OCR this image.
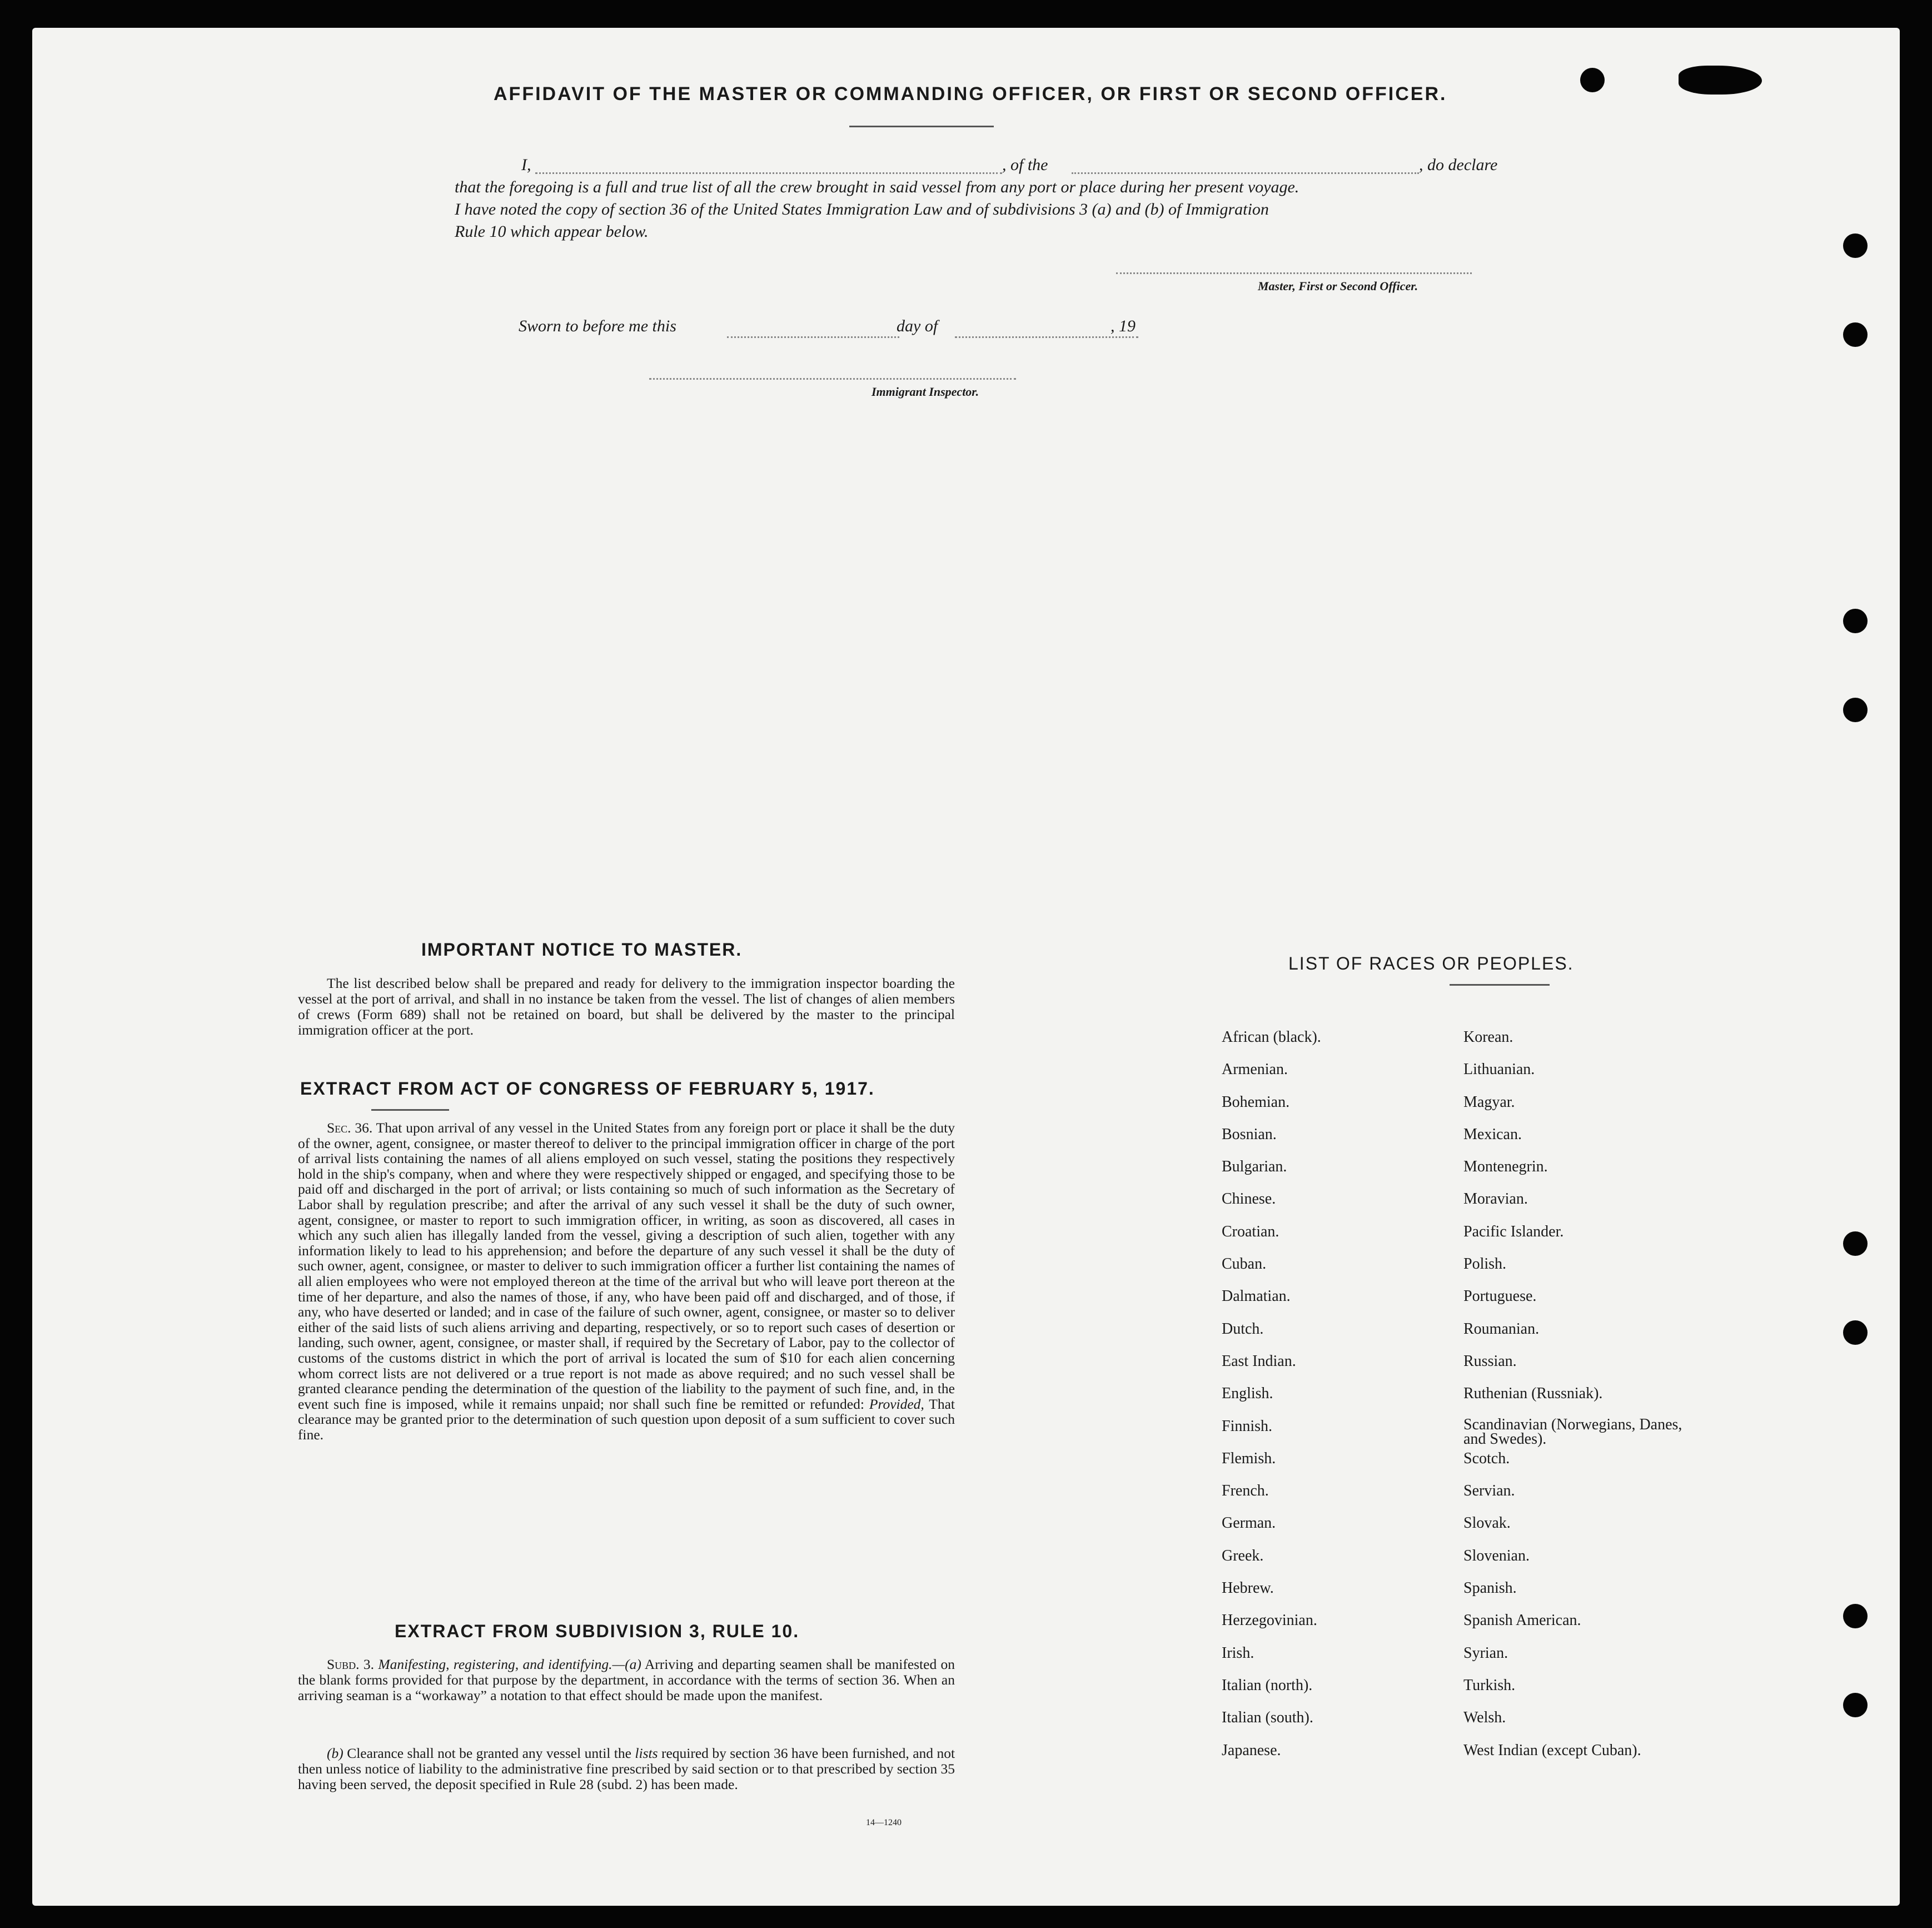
AFFIDAVIT OF THE MASTER OR COMMANDING OFFICER, OR FIRST OR SECOND OFFICER.
I,	, of the	, do declare
that the foregoing is a full and true list of all the crew brought in said vessel from any port or place during her present voyage.
I have noted the copy of section 36 of the United States Immigration Law and of subdivisions 3 (a) and (b) of Immigration
Rule 10 which appear below.
Master, First or Second Officer.
Sworn to before me this	day of	, 19
Immigrant Inspector.
IMPORTANT NOTICE TO MASTER.
The list described below shall be prepared and ready for delivery to the immigration inspector boarding the vessel at the port of arrival, and shall in no instance be taken from the vessel. The list of changes of alien members of crews (Form 689) shall not be retained on board, but shall be delivered by the master to the principal immigration officer at the port.
EXTRACT FROM ACT OF CONGRESS OF FEBRUARY 5, 1917.
Sec. 36. That upon arrival of any vessel in the United States from any foreign port or place it shall be the duty of the owner, agent, consignee, or master thereof to deliver to the principal immigration officer in charge of the port of arrival lists containing the names of all aliens employed on such vessel, stating the positions they respectively hold in the ship's company, when and where they were respectively shipped or engaged, and specifying those to be paid off and discharged in the port of arrival; or lists containing so much of such information as the Secretary of Labor shall by regulation prescribe; and after the arrival of any such vessel it shall be the duty of such owner, agent, consignee, or master to report to such immigration officer, in writing, as soon as discovered, all cases in which any such alien has illegally landed from the vessel, giving a description of such alien, together with any information likely to lead to his apprehension; and before the departure of any such vessel it shall be the duty of such owner, agent, consignee, or master to deliver to such immigration officer a further list containing the names of all alien employees who were not employed thereon at the time of the arrival but who will leave port thereon at the time of her departure, and also the names of those, if any, who have been paid off and discharged, and of those, if any, who have deserted or landed; and in case of the failure of such owner, agent, consignee, or master so to deliver either of the said lists of such aliens arriving and departing, respectively, or so to report such cases of desertion or landing, such owner, agent, consignee, or master shall, if required by the Secretary of Labor, pay to the collector of customs of the customs district in which the port of arrival is located the sum of $10 for each alien concerning whom correct lists are not delivered or a true report is not made as above required; and no such vessel shall be granted clearance pending the determination of the question of the liability to the payment of such fine, and, in the event such fine is imposed, while it remains unpaid; nor shall such fine be remitted or refunded: Provided, That clearance may be granted prior to the determination of such question upon deposit of a sum sufficient to cover such fine.
EXTRACT FROM SUBDIVISION 3, RULE 10.
Subd. 3. Manifesting, registering, and identifying.—(a) Arriving and departing seamen shall be manifested on the blank forms provided for that purpose by the department, in accordance with the terms of section 36. When an arriving seaman is a “workaway” a notation to that effect should be made upon the manifest.
(b) Clearance shall not be granted any vessel until the lists required by section 36 have been furnished, and not then unless notice of liability to the administrative fine prescribed by said section or to that prescribed by section 35 having been served, the deposit specified in Rule 28 (subd. 2) has been made.
14—1240
LIST OF RACES OR PEOPLES.
African (black).	Korean.
Armenian.	Lithuanian.
Bohemian.	Magyar.
Bosnian.	Mexican.
Bulgarian.	Montenegrin.
Chinese.	Moravian.
Croatian.	Pacific Islander.
Cuban.	Polish.
Dalmatian.	Portuguese.
Dutch.	Roumanian.
East Indian.	Russian.
English.	Ruthenian (Russniak).
Finnish.	Scandinavian (Norwegians, Danes, and Swedes).
Flemish.	Scotch.
French.	Servian.
German.	Slovak.
Greek.	Slovenian.
Hebrew.	Spanish.
Herzegovinian.	Spanish American.
Irish.	Syrian.
Italian (north).	Turkish.
Italian (south).	Welsh.
Japanese.	West Indian (except Cuban).
